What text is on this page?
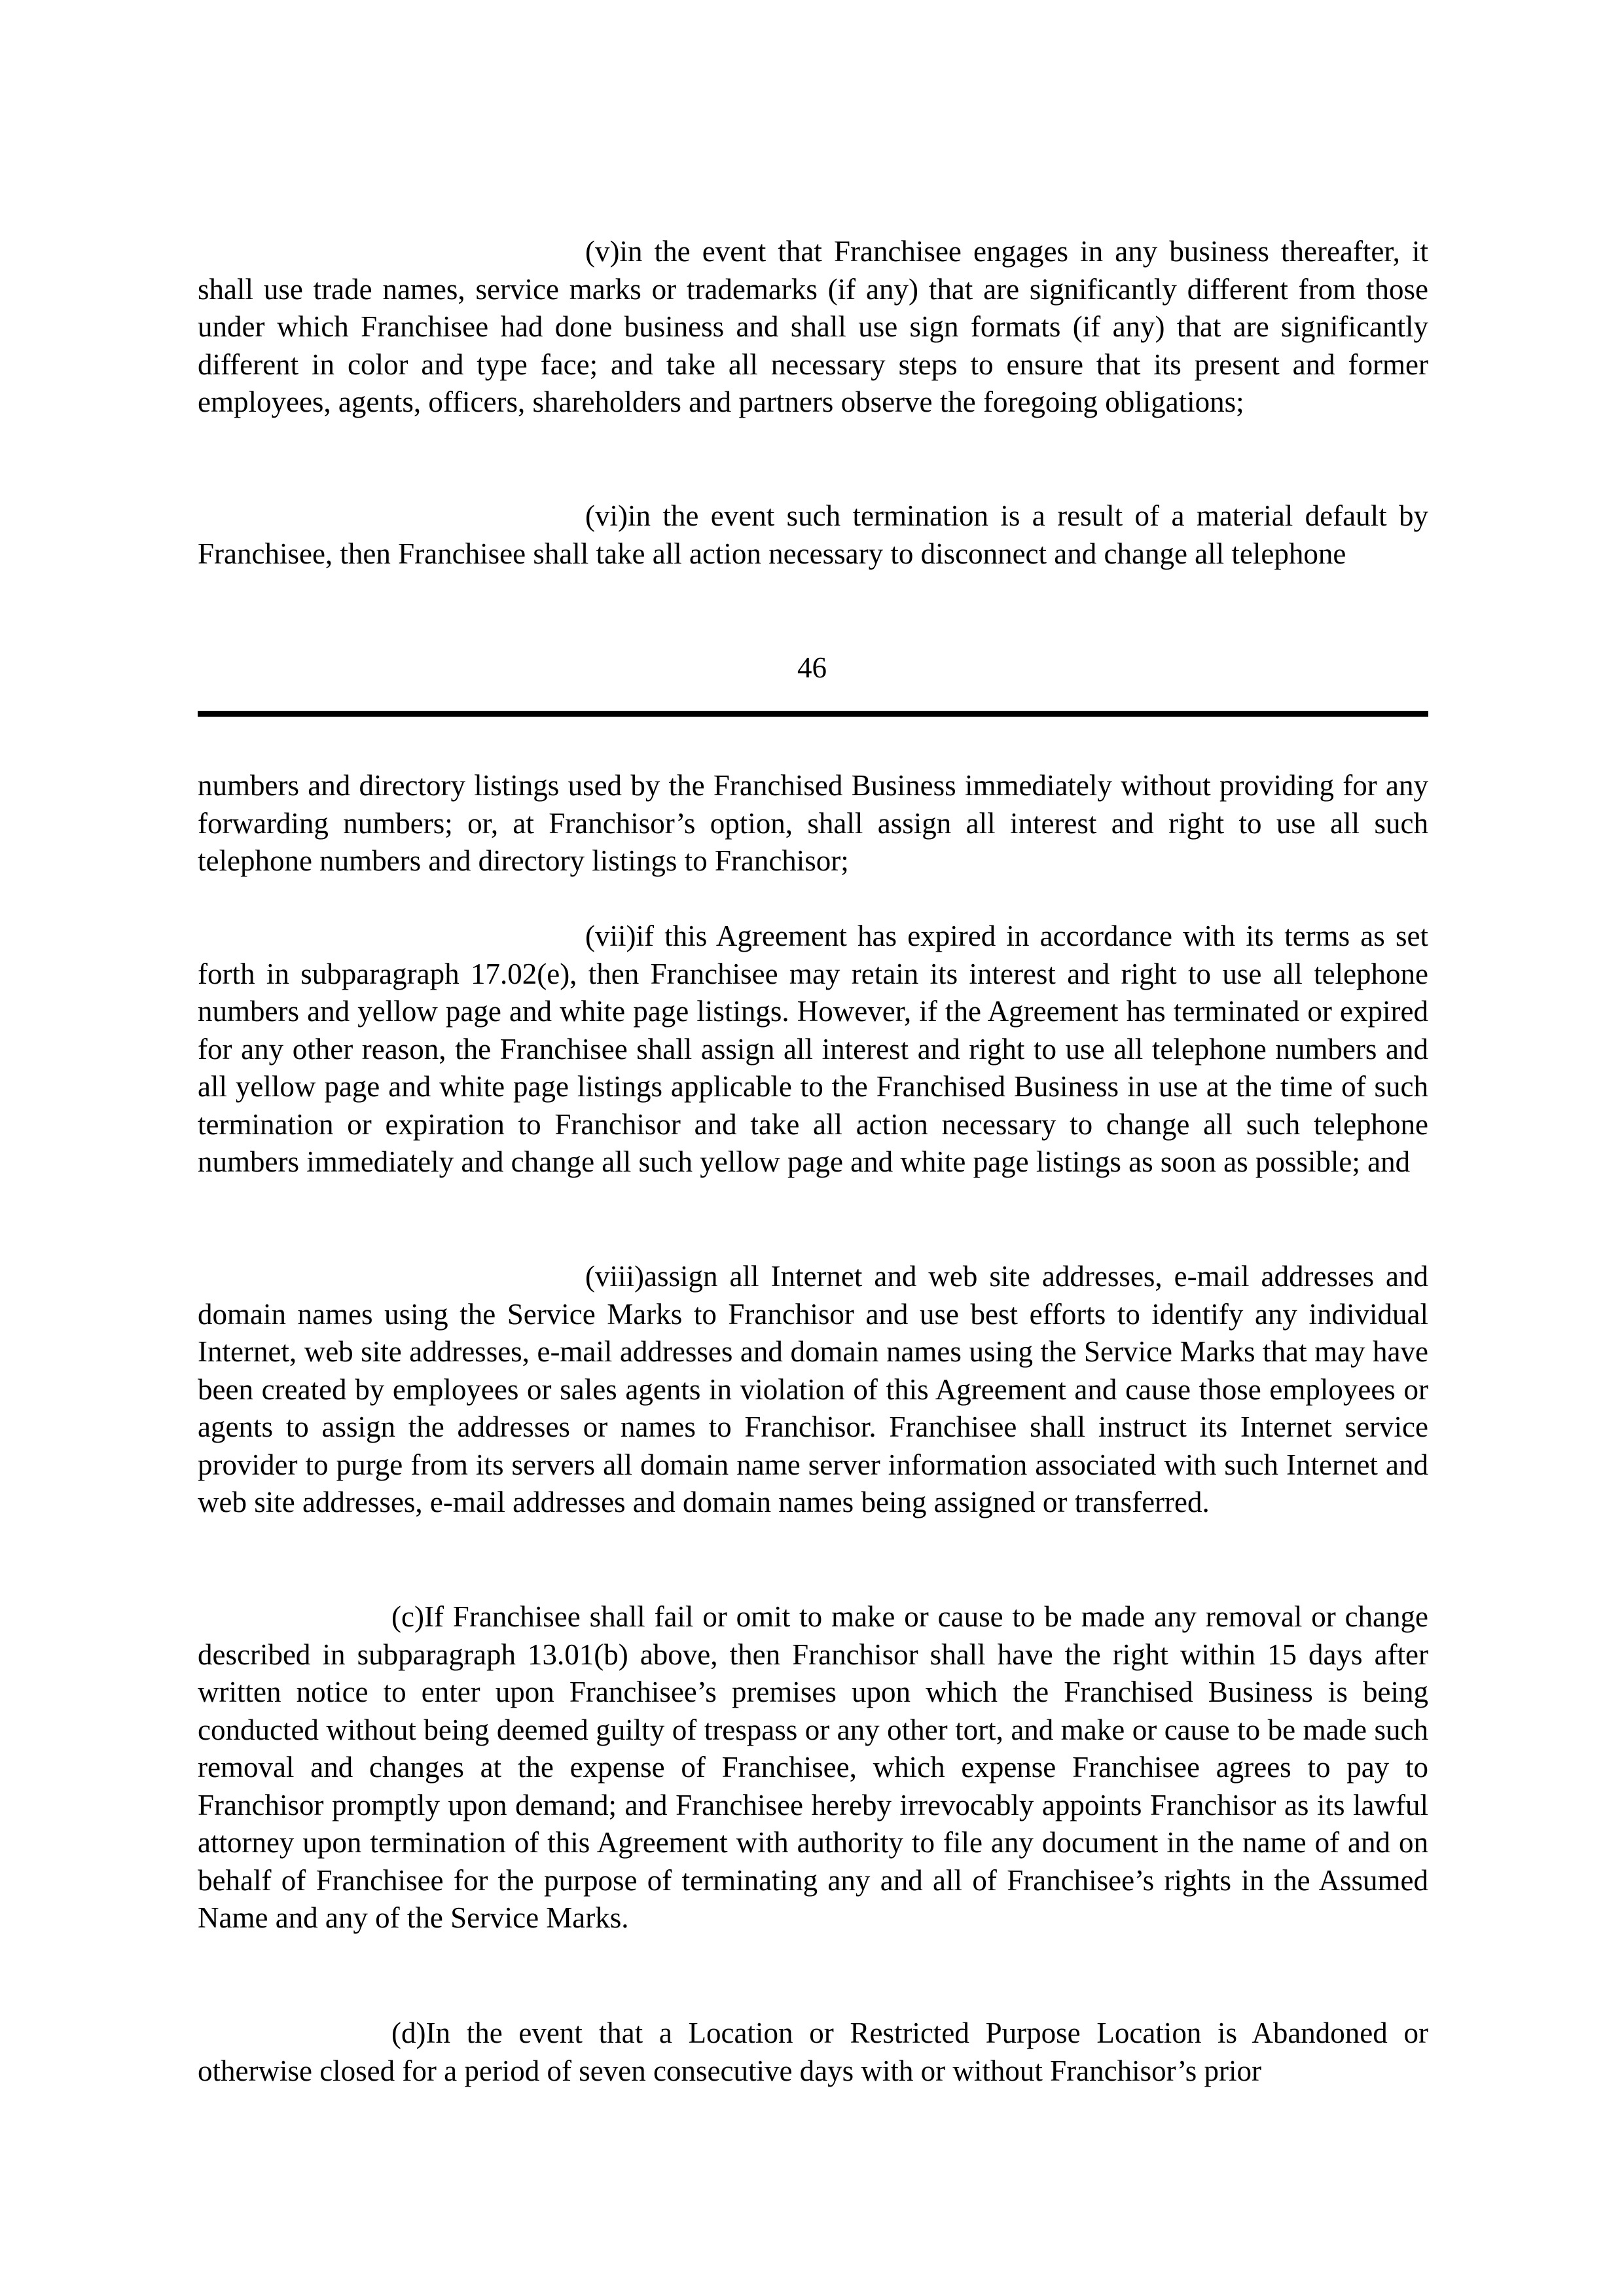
(v)in the event that Franchisee engages in any business thereafter, it shall use trade names, service marks or trademarks (if any) that are significantly different from those under which Franchisee had done business and shall use sign formats (if any) that are significantly different in color and type face; and take all necessary steps to ensure that its present and former employees, agents, officers, shareholders and partners observe the foregoing obligations;

(vi)in the event such termination is a result of a material default by Franchisee, then Franchisee shall take all action necessary to disconnect and change all telephone

46

numbers and directory listings used by the Franchised Business immediately without providing for any forwarding numbers; or, at Franchisor’s option, shall assign all interest and right to use all such telephone numbers and directory listings to Franchisor;

(vii)if this Agreement has expired in accordance with its terms as set forth in subparagraph 17.02(e), then Franchisee may retain its interest and right to use all telephone numbers and yellow page and white page listings. However, if the Agreement has terminated or expired for any other reason, the Franchisee shall assign all interest and right to use all telephone numbers and all yellow page and white page listings applicable to the Franchised Business in use at the time of such termination or expiration to Franchisor and take all action necessary to change all such telephone numbers immediately and change all such yellow page and white page listings as soon as possible; and

(viii)assign all Internet and web site addresses, e-mail addresses and domain names using the Service Marks to Franchisor and use best efforts to identify any individual Internet, web site addresses, e-mail addresses and domain names using the Service Marks that may have been created by employees or sales agents in violation of this Agreement and cause those employees or agents to assign the addresses or names to Franchisor. Franchisee shall instruct its Internet service provider to purge from its servers all domain name server information associated with such Internet and web site addresses, e-mail addresses and domain names being assigned or transferred.

(c)If Franchisee shall fail or omit to make or cause to be made any removal or change described in subparagraph 13.01(b) above, then Franchisor shall have the right within 15 days after written notice to enter upon Franchisee’s premises upon which the Franchised Business is being conducted without being deemed guilty of trespass or any other tort, and make or cause to be made such removal and changes at the expense of Franchisee, which expense Franchisee agrees to pay to Franchisor promptly upon demand; and Franchisee hereby irrevocably appoints Franchisor as its lawful attorney upon termination of this Agreement with authority to file any document in the name of and on behalf of Franchisee for the purpose of terminating any and all of Franchisee’s rights in the Assumed Name and any of the Service Marks.

(d)In the event that a Location or Restricted Purpose Location is Abandoned or otherwise closed for a period of seven consecutive days with or without Franchisor’s prior
